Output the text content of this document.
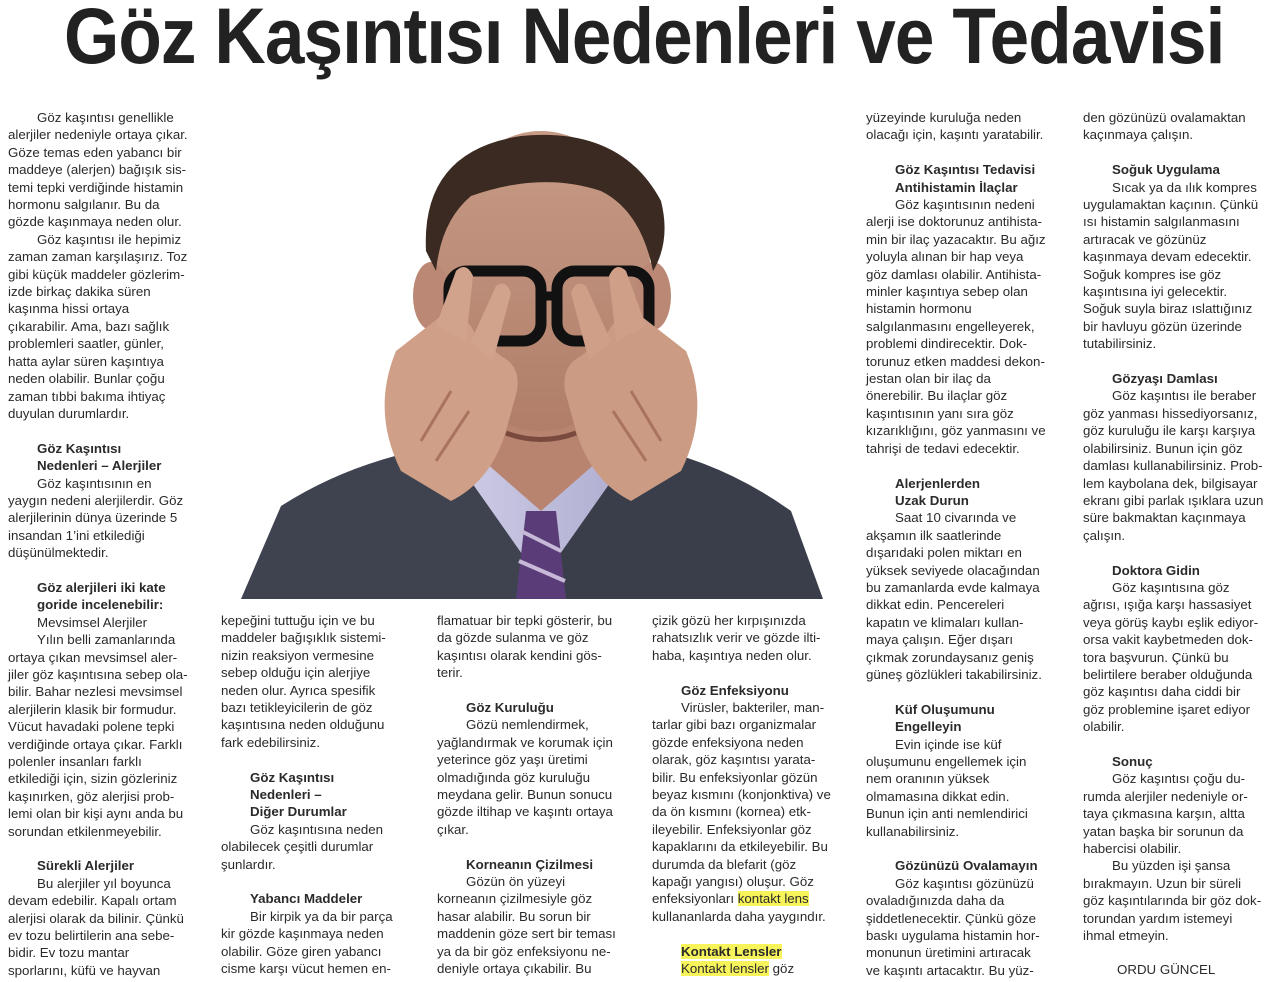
Göz Kaşıntısı Nedenleri ve Tedavisi

Göz kaşıntısı genellikle

alerjiler nedeniyle ortaya çıkar.

Göze temas eden yabancı bir

maddeye (alerjen) bağışık sis-

temi tepki verdiğinde histamin

hormonu salgılanır. Bu da

gözde kaşınmaya neden olur.

Göz kaşıntısı ile hepimiz

zaman zaman karşılaşırız. Toz

gibi küçük maddeler gözlerim-

izde birkaç dakika süren

kaşınma hissi ortaya

çıkarabilir. Ama, bazı sağlık

problemleri saatler, günler,

hatta aylar süren kaşıntıya

neden olabilir. Bunlar çoğu

zaman tıbbi bakıma ihtiyaç

duyulan durumlardır.

Göz Kaşıntısı
Nedenleri – Alerjiler

Göz kaşıntısının en

yaygın nedeni alerjilerdir. Göz

alerjilerinin dünya üzerinde 5

insandan 1’ini etkilediği

düşünülmektedir.

Göz alerjileri iki kate
goride incelenebilir:

Mevsimsel Alerjiler

Yılın belli zamanlarında

ortaya çıkan mevsimsel aler-

jiler göz kaşıntısına sebep ola-

bilir. Bahar nezlesi mevsimsel

alerjilerin klasik bir formudur.

Vücut havadaki polene tepki

verdiğinde ortaya çıkar. Farklı

polenler insanları farklı

etkilediği için, sizin gözleriniz

kaşınırken, göz alerjisi prob-

lemi olan bir kişi aynı anda bu

sorundan etkilenmeyebilir.

Sürekli Alerjiler

Bu alerjiler yıl boyunca

devam edebilir. Kapalı ortam

alerjisi olarak da bilinir. Çünkü

ev tozu belirtilerin ana sebe-

bidir. Ev tozu mantar

sporlarını, küfü ve hayvan

kepeğini tuttuğu için ve bu

maddeler bağışıklık sistemi-

nizin reaksiyon vermesine

sebep olduğu için alerjiye

neden olur. Ayrıca spesifik

bazı tetikleyicilerin de göz

kaşıntısına neden olduğunu

fark edebilirsiniz.

Göz Kaşıntısı
Nedenleri –
Diğer Durumlar

Göz kaşıntısına neden

olabilecek çeşitli durumlar

şunlardır.

Yabancı Maddeler

Bir kirpik ya da bir parça

kir gözde kaşınmaya neden

olabilir. Göze giren yabancı

cisme karşı vücut hemen en-

flamatuar bir tepki gösterir, bu

da gözde sulanma ve göz

kaşıntısı olarak kendini gös-

terir.

Göz Kuruluğu

Gözü nemlendirmek,

yağlandırmak ve korumak için

yeterince göz yaşı üretimi

olmadığında göz kuruluğu

meydana gelir. Bunun sonucu

gözde iltihap ve kaşıntı ortaya

çıkar.

Korneanın Çizilmesi

Gözün ön yüzeyi

korneanın çizilmesiyle göz

hasar alabilir. Bu sorun bir

maddenin göze sert bir teması

ya da bir göz enfeksiyonu ne-

deniyle ortaya çıkabilir. Bu

çizik gözü her kırpışınızda

rahatsızlık verir ve gözde ilti-

haba, kaşıntıya neden olur.

Göz Enfeksiyonu

Virüsler, bakteriler, man-

tarlar gibi bazı organizmalar

gözde enfeksiyona neden

olarak, göz kaşıntısı yarata-

bilir. Bu enfeksiyonlar gözün

beyaz kısmını (konjonktiva) ve

da ön kısmını (kornea) etk-

ileyebilir. Enfeksiyonlar göz

kapaklarını da etkileyebilir. Bu

durumda da blefarit (göz

kapağı yangısı) oluşur. Göz

enfeksiyonları kontakt lens

kullananlarda daha yaygındır.

Kontakt Lensler

Kontakt lensler göz

yüzeyinde kuruluğa neden

olacağı için, kaşıntı yaratabilir.

Göz Kaşıntısı Tedavisi
Antihistamin İlaçlar

Göz kaşıntısının nedeni

alerji ise doktorunuz antihista-

min bir ilaç yazacaktır. Bu ağız

yoluyla alınan bir hap veya

göz damlası olabilir. Antihista-

minler kaşıntıya sebep olan

histamin hormonu

salgılanmasını engelleyerek,

problemi dindirecektir. Dok-

torunuz etken maddesi dekon-

jestan olan bir ilaç da

önerebilir. Bu ilaçlar göz

kaşıntısının yanı sıra göz

kızarıklığını, göz yanmasını ve

tahrişi de tedavi edecektir.

Alerjenlerden
Uzak Durun

Saat 10 civarında ve

akşamın ilk saatlerinde

dışarıdaki polen miktarı en

yüksek seviyede olacağından

bu zamanlarda evde kalmaya

dikkat edin. Pencereleri

kapatın ve klimaları kullan-

maya çalışın. Eğer dışarı

çıkmak zorundaysanız geniş

güneş gözlükleri takabilirsiniz.

Küf Oluşumunu
Engelleyin

Evin içinde ise küf

oluşumunu engellemek için

nem oranının yüksek

olmamasına dikkat edin.

Bunun için anti nemlendirici

kullanabilirsiniz.

Gözünüzü Ovalamayın

Göz kaşıntısı gözünüzü

ovaladığınızda daha da

şiddetlenecektir. Çünkü göze

baskı uygulama histamin hor-

monunun üretimini artıracak

ve kaşıntı artacaktır. Bu yüz-

den gözünüzü ovalamaktan

kaçınmaya çalışın.

Soğuk Uygulama

Sıcak ya da ılık kompres

uygulamaktan kaçının. Çünkü

ısı histamin salgılanmasını

artıracak ve gözünüz

kaşınmaya devam edecektir.

Soğuk kompres ise göz

kaşıntısına iyi gelecektir.

Soğuk suyla biraz ıslattığınız

bir havluyu gözün üzerinde

tutabilirsiniz.

Gözyaşı Damlası

Göz kaşıntısı ile beraber

göz yanması hissediyorsanız,

göz kuruluğu ile karşı karşıya

olabilirsiniz. Bunun için göz

damlası kullanabilirsiniz. Prob-

lem kaybolana dek, bilgisayar

ekranı gibi parlak ışıklara uzun

süre bakmaktan kaçınmaya

çalışın.

Doktora Gidin

Göz kaşıntısına göz

ağrısı, ışığa karşı hassasiyet

veya görüş kaybı eşlik ediyor-

orsa vakit kaybetmeden dok-

tora başvurun. Çünkü bu

belirtilere beraber olduğunda

göz kaşıntısı daha ciddi bir

göz problemine işaret ediyor

olabilir.

Sonuç

Göz kaşıntısı çoğu du-

rumda alerjiler nedeniyle or-

taya çıkmasına karşın, altta

yatan başka bir sorunun da

habercisi olabilir.

Bu yüzden işi şansa

bırakmayın. Uzun bir süreli

göz kaşıntılarında bir göz dok-

torundan yardım istemeyi

ihmal etmeyin.

ORDU GÜNCEL
